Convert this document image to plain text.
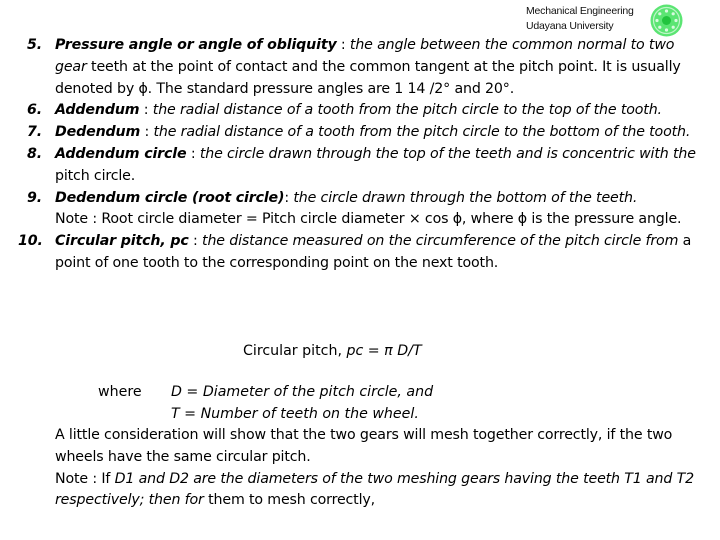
Mechanical Engineering
Udayana University
5. Pressure angle or angle of obliquity : the angle between the common normal to two gear teeth at the point of contact and the common tangent at the pitch point. It is usually denoted by ϕ. The standard pressure angles are 1 14 /2° and 20°.
6. Addendum : the radial distance of a tooth from the pitch circle to the top of the tooth.
7. Dedendum : the radial distance of a tooth from the pitch circle to the bottom of the tooth.
8. Addendum circle : the circle drawn through the top of the teeth and is concentric with the pitch circle.
9. Dedendum circle (root circle): the circle drawn through the bottom of the teeth.
Note : Root circle diameter = Pitch circle diameter × cos ϕ, where ϕ is the pressure angle.
10. Circular pitch, pc : the distance measured on the circumference of the pitch circle from a point of one tooth to the corresponding point on the next tooth.
Circular pitch, pc = π D/T
where D = Diameter of the pitch circle, and
T = Number of teeth on the wheel.
A little consideration will show that the two gears will mesh together correctly, if the two wheels have the same circular pitch.
Note : If D1 and D2 are the diameters of the two meshing gears having the teeth T1 and T2 respectively; then for them to mesh correctly,
